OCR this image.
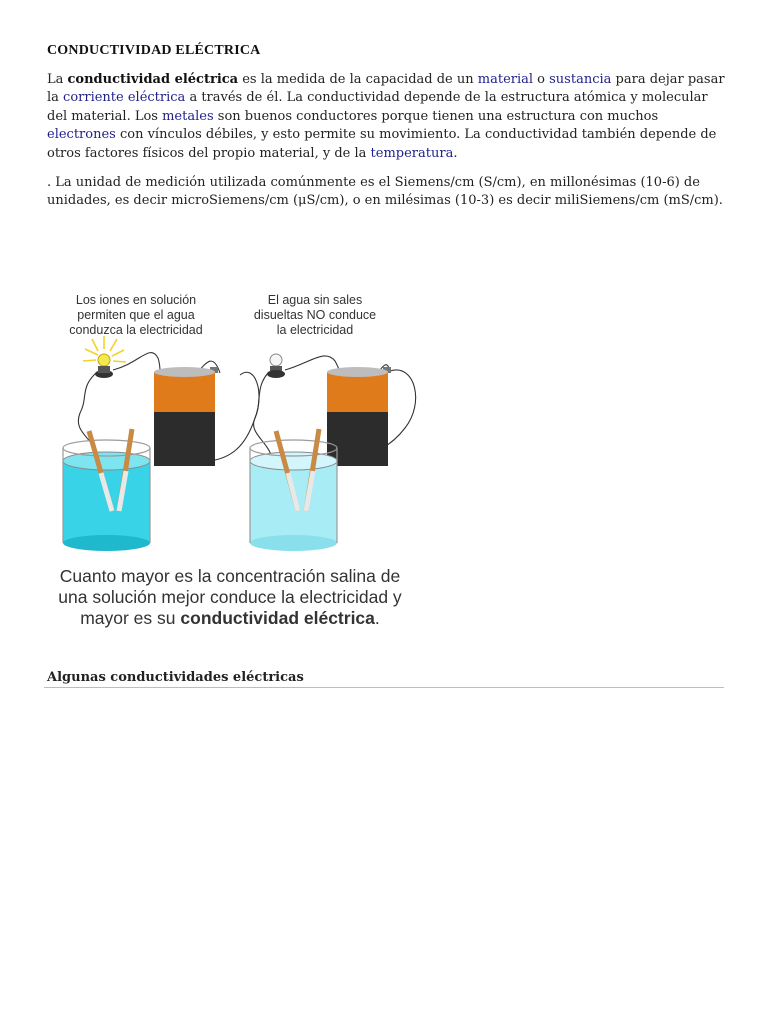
CONDUCTIVIDAD ELÉCTRICA

La conductividad eléctrica es la medida de la capacidad de un material o sustancia para dejar pasar la corriente eléctrica a través de él. La conductividad depende de la estructura atómica y molecular del material. Los metales son buenos conductores porque tienen una estructura con muchos electrones con vínculos débiles, y esto permite su movimiento. La conductividad también depende de otros factores físicos del propio material, y de la temperatura.

. La unidad de medición utilizada comúnmente es el Siemens/cm (S/cm), en millonésimas (10-6) de unidades, es decir microSiemens/cm (μS/cm), o en milésimas (10-3) es decir miliSiemens/cm (mS/cm).

Los iones en solución
permiten que el agua
conduzca la electricidad
El agua sin sales
disueltas NO conduce
la electricidad
Cuanto mayor es la concentración salina de
una solución mejor conduce la electricidad y
mayor es su conductividad eléctrica.
Algunas conductividades eléctricas
